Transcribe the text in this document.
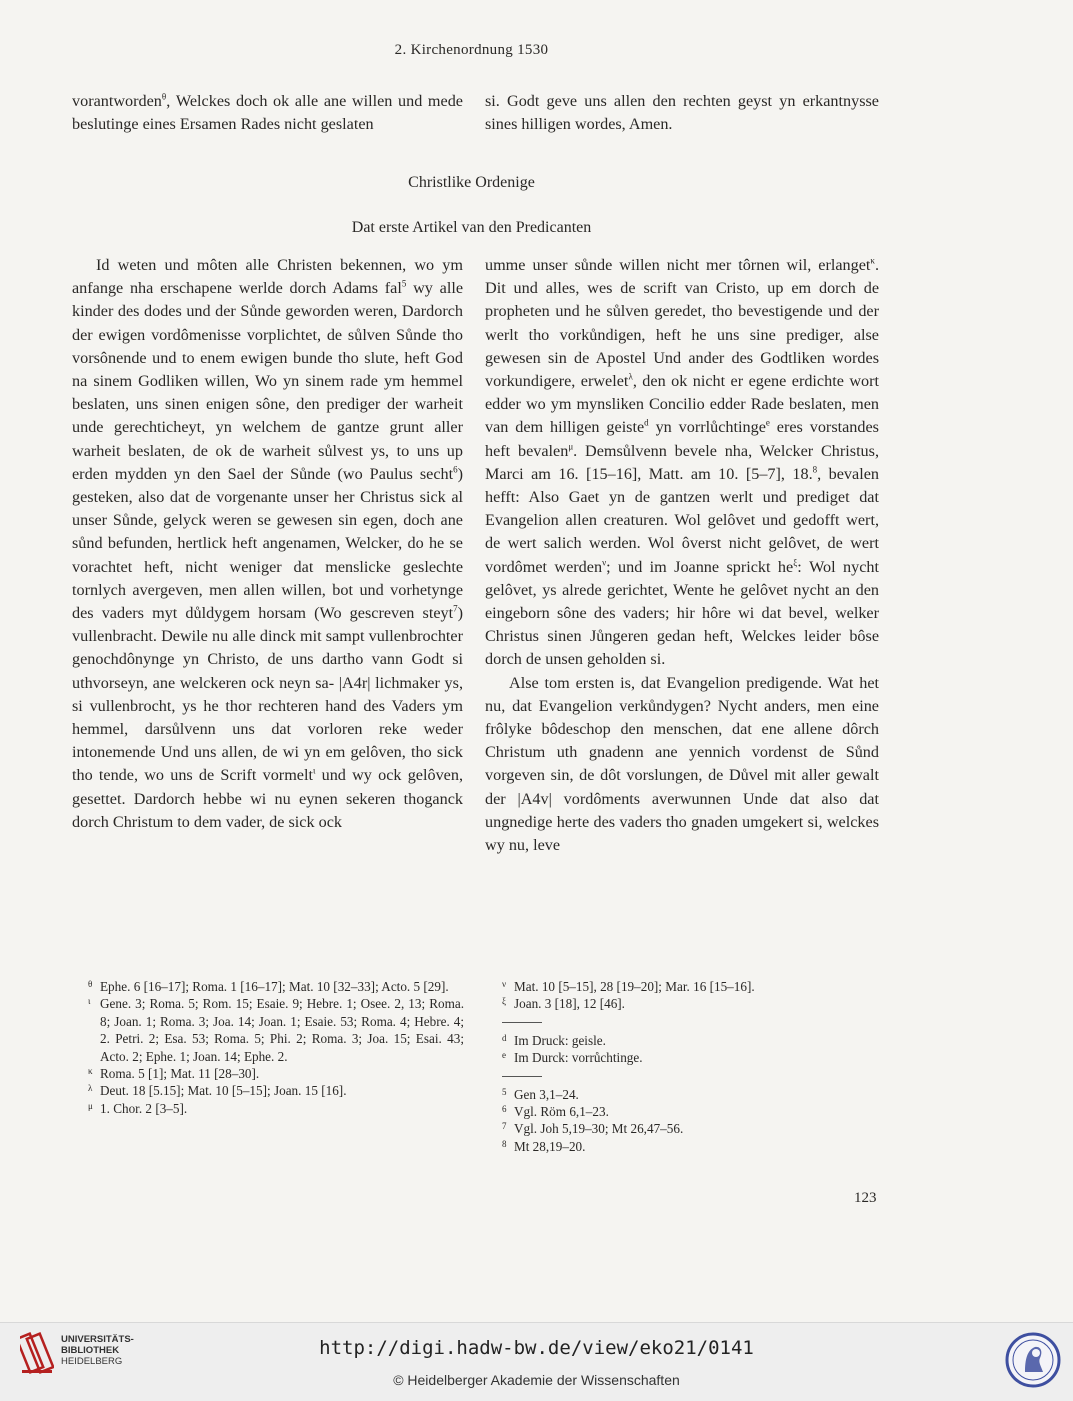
2. Kirchenordnung 1530

vorantworden$^\theta$, Welckes doch ok alle ane willen und mede beslutinge eines Ersamen Rades nicht geslaten

si. Godt geve uns allen den rechten geyst yn erkantnysse sines hilligen wordes, Amen.

Christlike Ordenige
Dat erste Artikel van den Predicanten

Id weten und môten alle Christen bekennen, wo ym anfange nha erschapene werlde dorch Adams fal$^5$ wy alle kinder des dodes und der Sůnde geworden weren, Dardorch der ewigen vordômenisse vorplichtet, de sůlven Sůnde tho vorsônende und to enem ewigen bunde tho slute, heft God na sinem Godliken willen, Wo yn sinem rade ym hemmel beslaten, uns sinen enigen sône, den prediger der warheit unde gerechticheyt, yn welchem de gantze grunt aller warheit beslaten, de ok de warheit sůlvest ys, to uns up erden mydden yn den Sael der Sůnde (wo Paulus secht$^6$) gesteken, also dat de vorgenante unser her Christus sick al unser Sůnde, gelyck weren se gewesen sin egen, doch ane sůnd befunden, hertlick heft angenamen, Welcker, do he se vorachtet heft, nicht weniger dat menslicke geslechte tornlych avergeven, men allen willen, bot und vorhetynge des vaders myt důldygem horsam (Wo gescreven steyt$^7$) vullenbracht. Dewile nu alle dinck mit sampt vullenbrochter genochdônynge yn Christo, de uns dartho vann Godt si uthvorseyn, ane welckeren ock neyn sa- |A4r| lichmaker ys, si vullenbrocht, ys he thor rechteren hand des Vaders ym hemmel, darsůlvenn uns dat vorloren reke weder intonemende Und uns allen, de wi yn em gelôven, tho sick tho tende, wo uns de Scrift vormelt$^\iota$ und wy ock gelôven, gesettet. Dardorch hebbe wi nu eynen sekeren thoganck dorch Christum to dem vader, de sick ock

umme unser sůnde willen nicht mer tôrnen wil, erlanget$^\kappa$. Dit und alles, wes de scrift van Cristo, up em dorch de propheten und he sůlven geredet, tho bevestigende und der werlt tho vorkůndigen, heft he uns sine prediger, alse gewesen sin de Apostel Und ander des Godtliken wordes vorkundigere, erwelet$^\lambda$, den ok nicht er egene erdichte wort edder wo ym mynsliken Concilio edder Rade beslaten, men van dem hilligen geiste$^d$ yn vorrlůchtinge$^e$ eres vorstandes heft bevalen$^\mu$. Demsůlvenn bevele nha, Welcker Christus, Marci am 16. [15–16], Matt. am 10. [5–7], 18.$^8$, bevalen hefft: Also Gaet yn de gantzen werlt und prediget dat Evangelion allen creaturen. Wol gelôvet und gedofft wert, de wert salich werden. Wol ôverst nicht gelôvet, de wert vordômet werden$^\nu$; und im Joanne sprickt $he^\xi$: Wol nycht gelôvet, ys alrede gerichtet, Wente he gelôvet nycht an den eingeborn sône des vaders; hir hôre wi dat bevel, welker Christus sinen Jůngeren gedan heft, Welckes leider bôse dorch de unsen geholden si.

Alse tom ersten is, dat Evangelion predigende. Wat het nu, dat Evangelion verkůndygen? Nycht anders, men eine frôlyke bôdeschop den menschen, dat ene allene dôrch Christum uth gnadenn ane yennich vordenst de Sůnd vorgeven sin, de dôt vorslungen, de Důvel mit aller gewalt der |A4v| vordôments averwunnen Unde dat also dat ungnedige herte des vaders tho gnaden umgekert si, welckes wy nu, leve

θ Ephe. 6 [16–17]; Roma. 1 [16–17]; Mat. 10 [32–33]; Acto. 5 [29].
ι Gene. 3; Roma. 5; Rom. 15; Esaie. 9; Hebre. 1; Osee. 2, 13; Roma. 8; Joan. 1; Roma. 3; Joa. 14; Joan. 1; Esaie. 53; Roma. 4; Hebre. 4; 2. Petri. 2; Esa. 53; Roma. 5; Phi. 2; Roma. 3; Joa. 15; Esai. 43; Acto. 2; Ephe. 1; Joan. 14; Ephe. 2.
κ Roma. 5 [1]; Mat. 11 [28–30].
λ Deut. 18 [5.15]; Mat. 10 [5–15]; Joan. 15 [16].
μ 1. Chor. 2 [3–5].
ν Mat. 10 [5–15], 28 [19–20]; Mar. 16 [15–16].
ξ Joan. 3 [18], 12 [46].
d Im Druck: geisle.
e Im Durck: vorrůchtinge.
5 Gen 3,1–24.
6 Vgl. Röm 6,1–23.
7 Vgl. Joh 5,19–30; Mt 26,47–56.
8 Mt 28,19–20.
123
UNIVERSITÄTS-
BIBLIOTHEK
HEIDELBERG
http://digi.hadw-bw.de/view/eko21/0141
© Heidelberger Akademie der Wissenschaften
